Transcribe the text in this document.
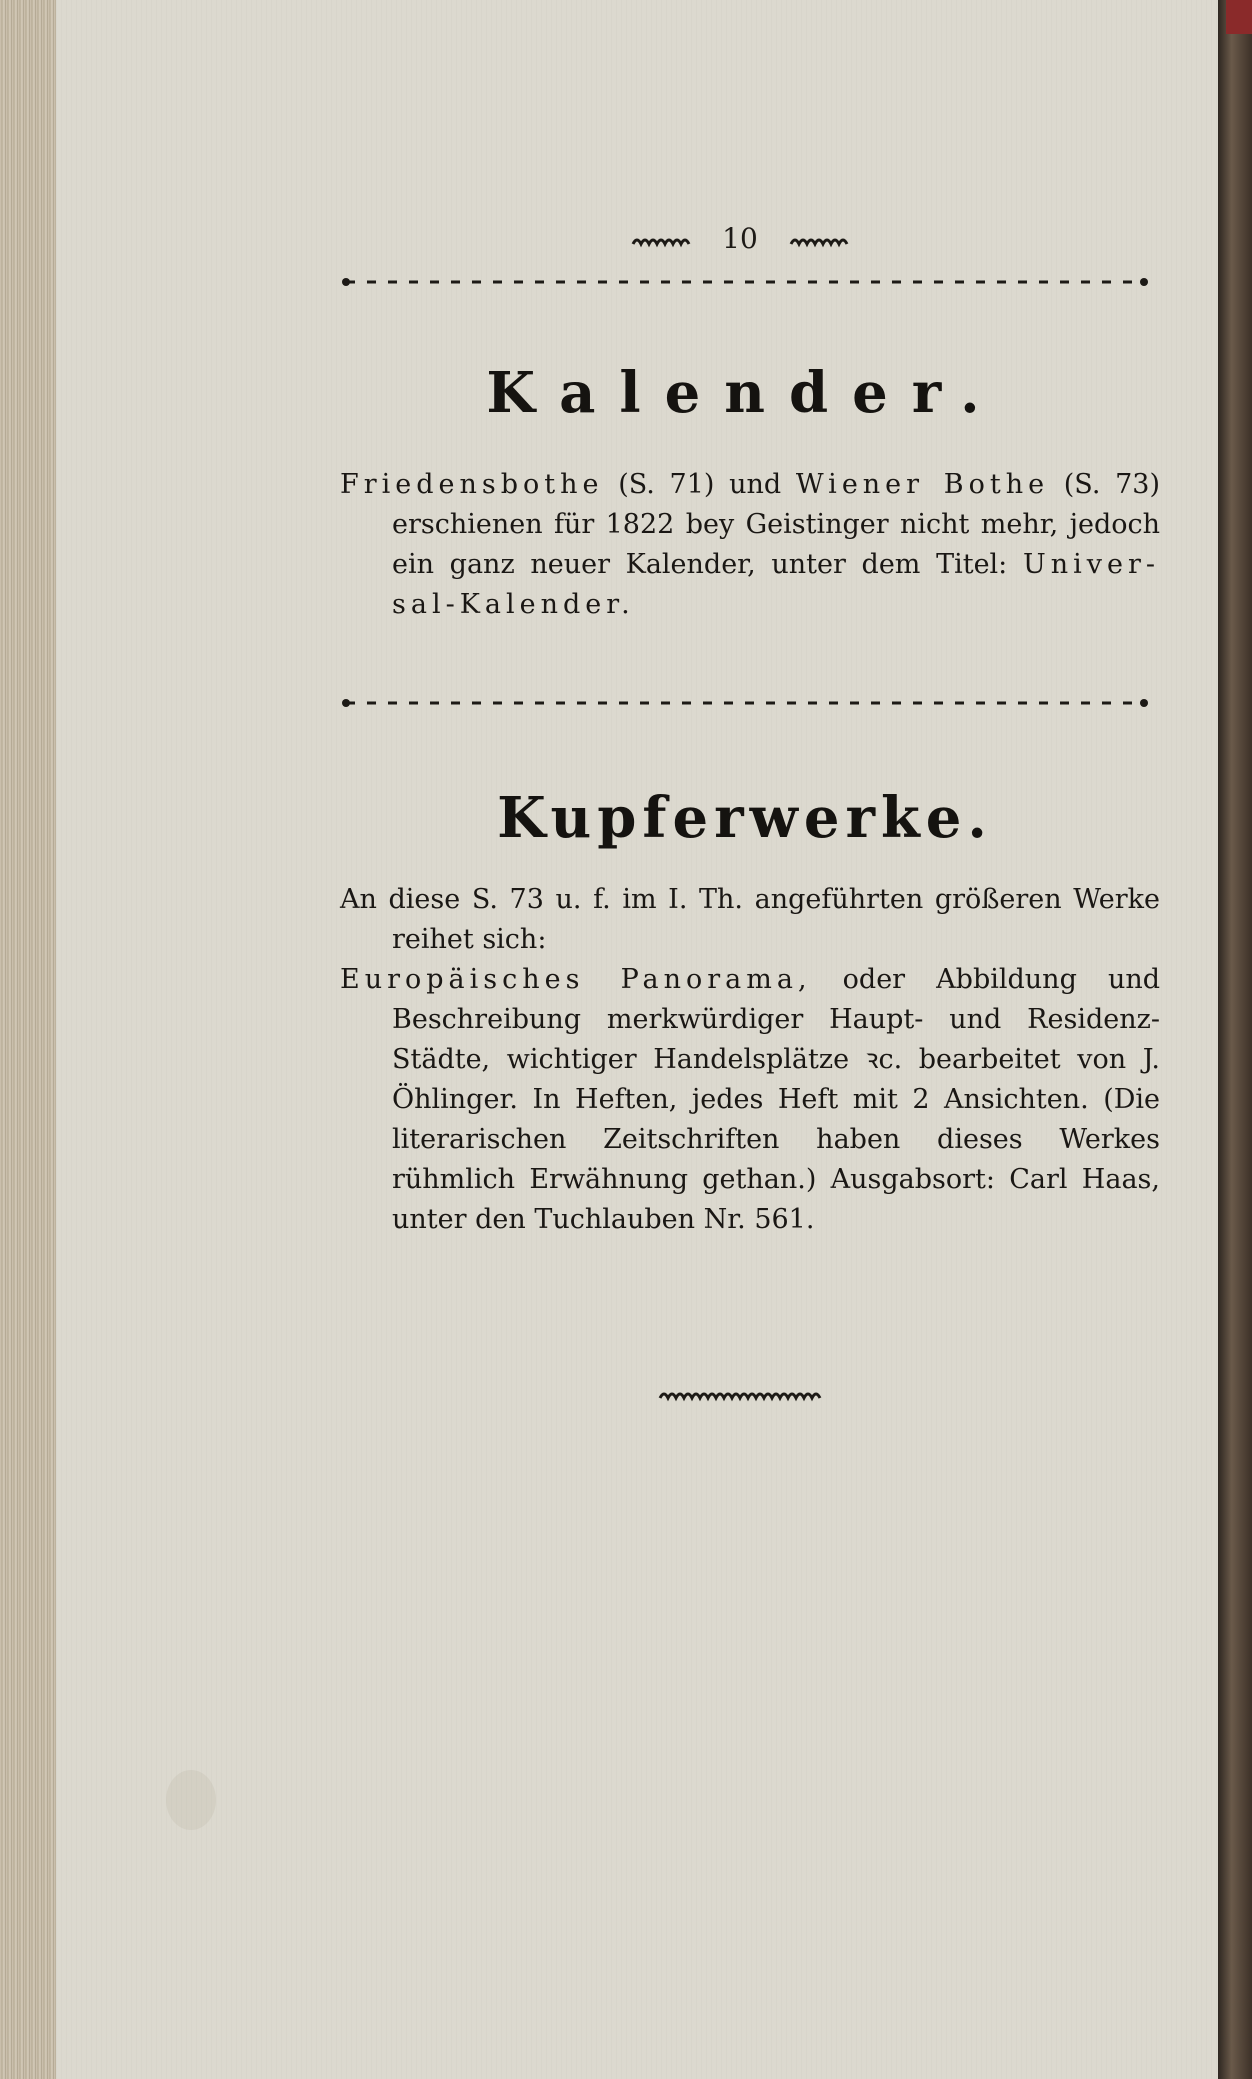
10
Kalender.

Friedensbothe (S. 71) und Wiener Bothe (S. 73) erschienen für 1822 bey Geistinger nicht mehr, jedoch ein ganz neuer Kalender, unter dem Titel: Univer-sal-Kalender.

Kupferwerke.

An diese S. 73 u. f. im I. Th. angeführten größeren Werke reihet sich:

Europäisches Panorama, oder Abbildung und Beschreibung merkwürdiger Haupt- und Residenz-Städte, wichtiger Handelsplätze ꝛc. bearbeitet von J. Öhlinger. In Heften, jedes Heft mit 2 Ansichten. (Die literarischen Zeitschriften haben dieses Werkes rühmlich Erwähnung gethan.) Ausgabsort: Carl Haas, unter den Tuchlauben Nr. 561.
